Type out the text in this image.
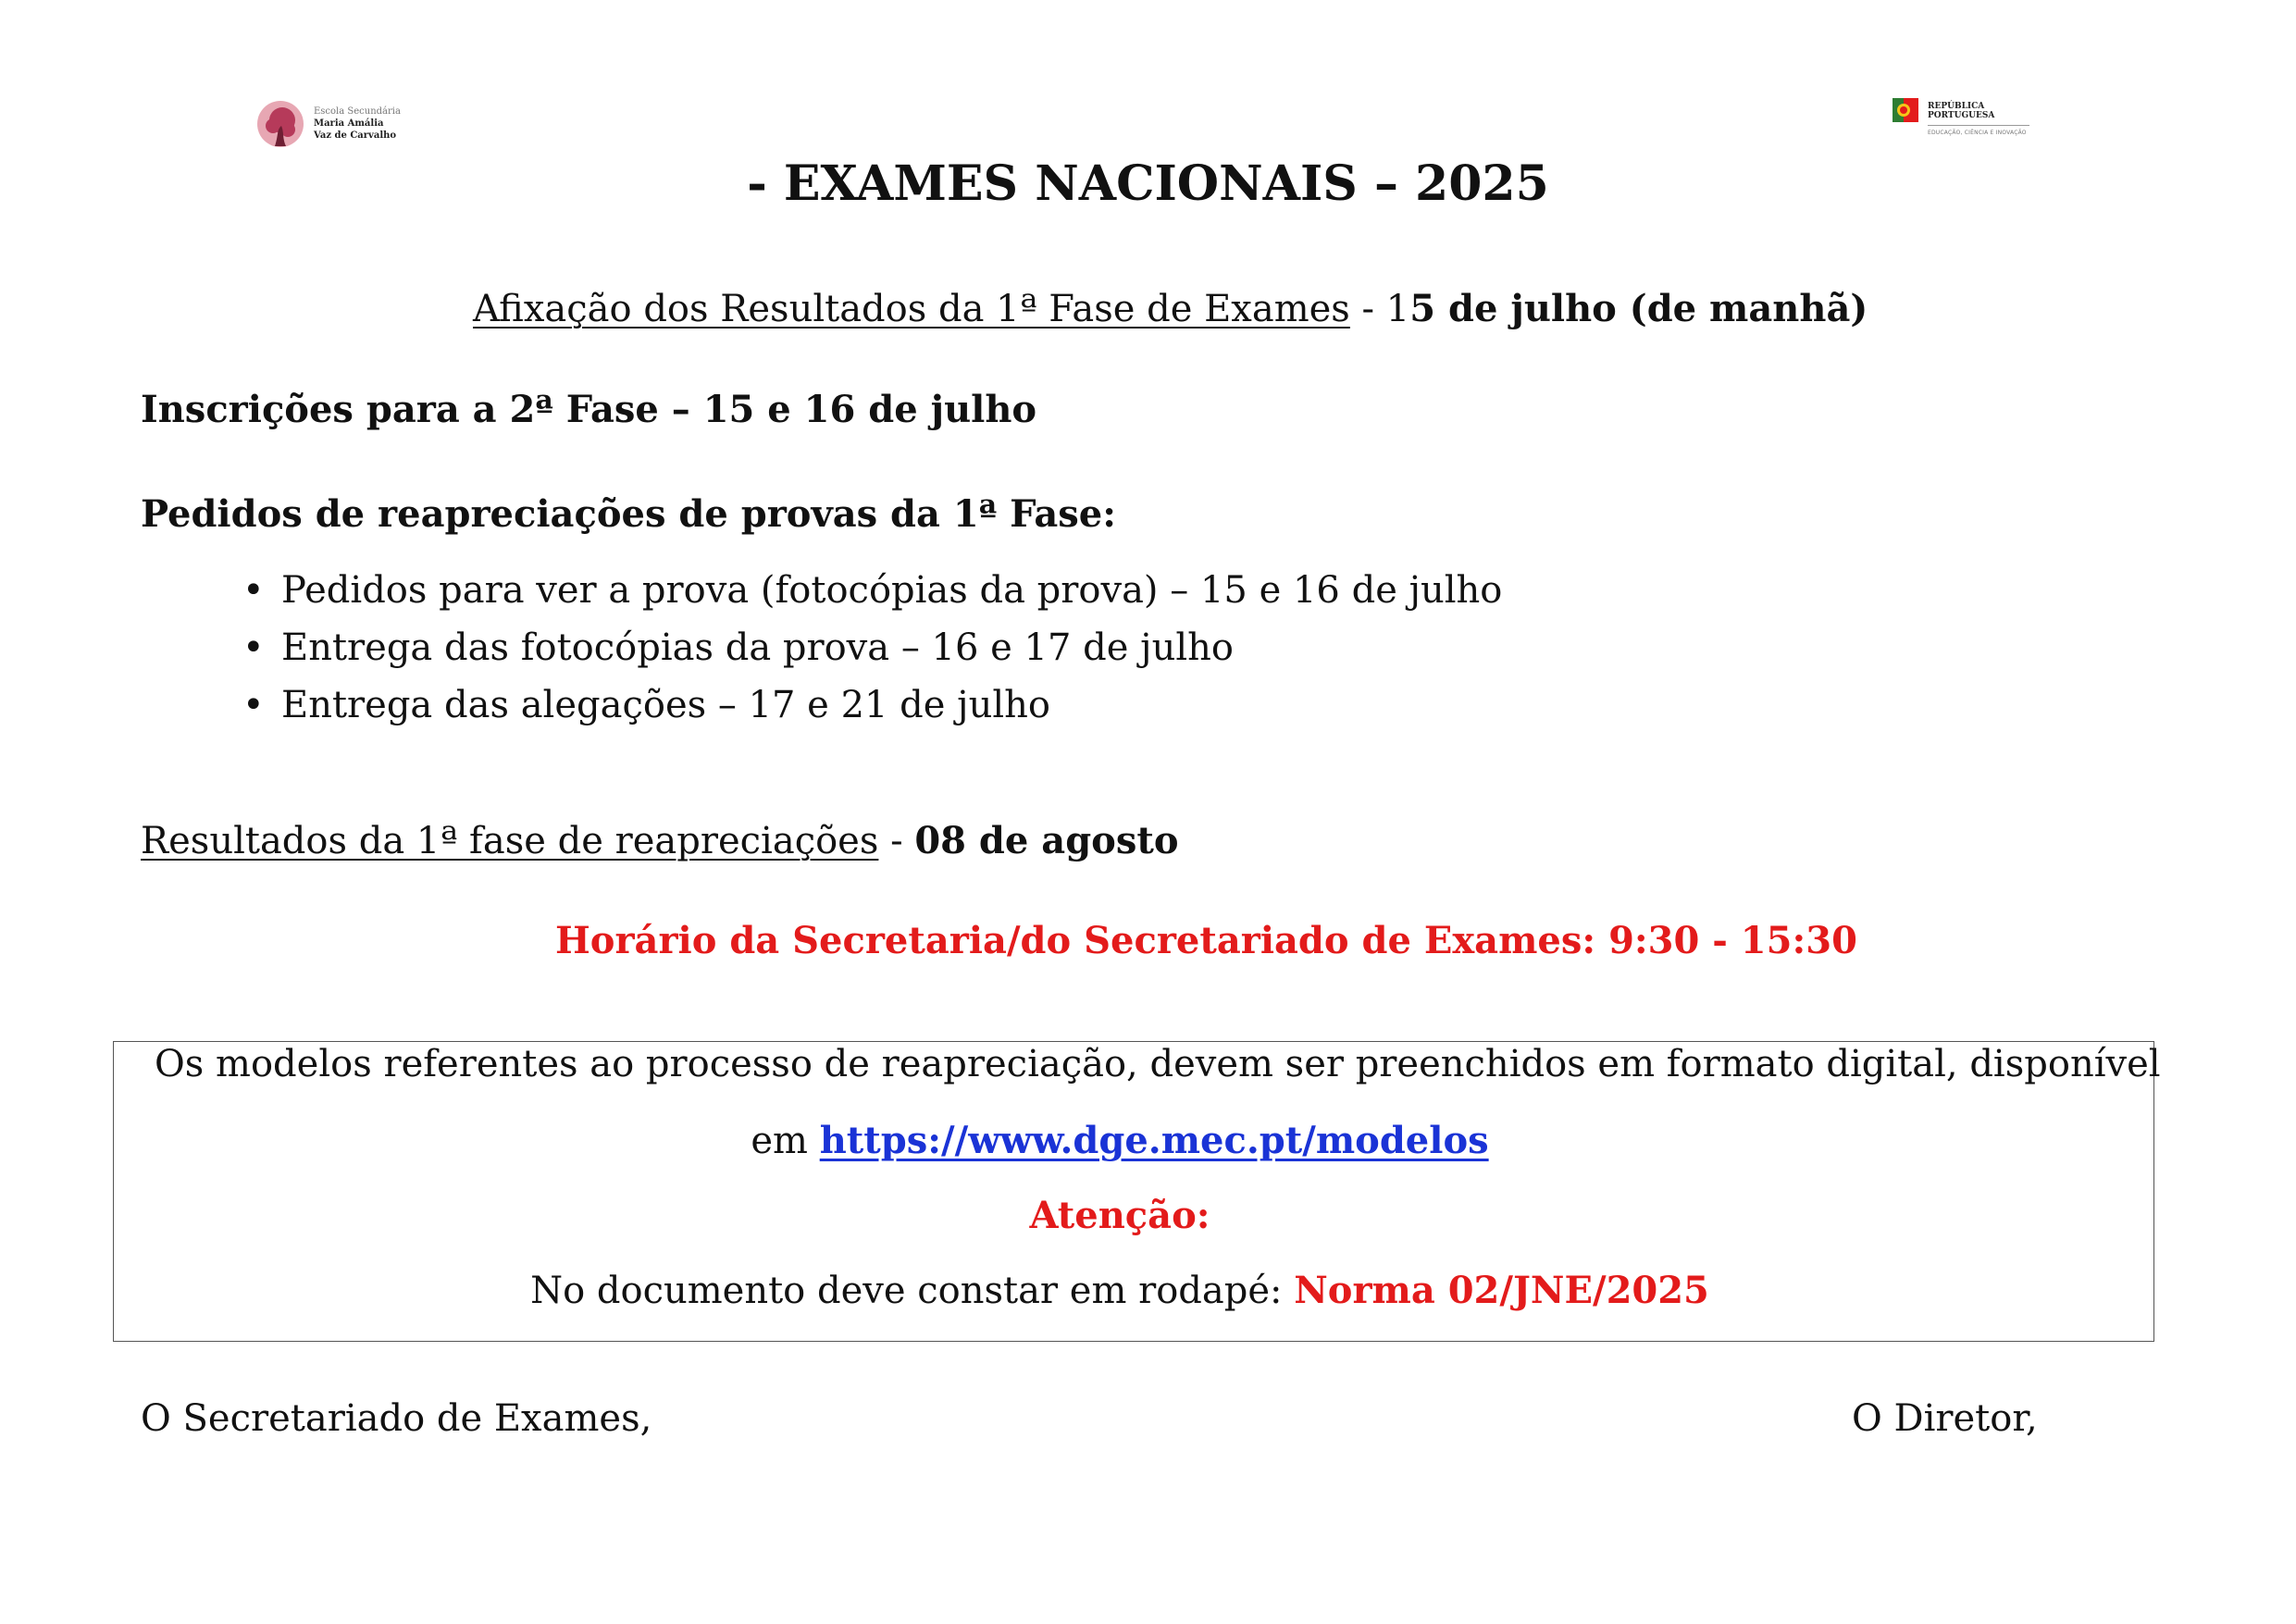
Escola Secundária
Maria Amália
Vaz de Carvalho
REPÚBLICA
PORTUGUESA
EDUCAÇÃO, CIÊNCIA E INOVAÇÃO
- EXAMES NACIONAIS – 2025
Afixação dos Resultados da 1ª Fase de Exames - 15 de julho (de manhã)
Inscrições para a 2ª Fase – 15 e 16 de julho
Pedidos de reapreciações de provas da 1ª Fase:
• Pedidos para ver a prova (fotocópias da prova) – 15 e 16 de julho
• Entrega das fotocópias da prova – 16 e 17 de julho
• Entrega das alegações – 17 e 21 de julho
Resultados da 1ª fase de reapreciações - 08 de agosto
Horário da Secretaria/do Secretariado de Exames: 9:30 - 15:30
Os modelos referentes ao processo de reapreciação, devem ser preenchidos em formato digital, disponível
em https://www.dge.mec.pt/modelos
Atenção:
No documento deve constar em rodapé: Norma 02/JNE/2025
O Secretariado de Exames,	O Diretor,
